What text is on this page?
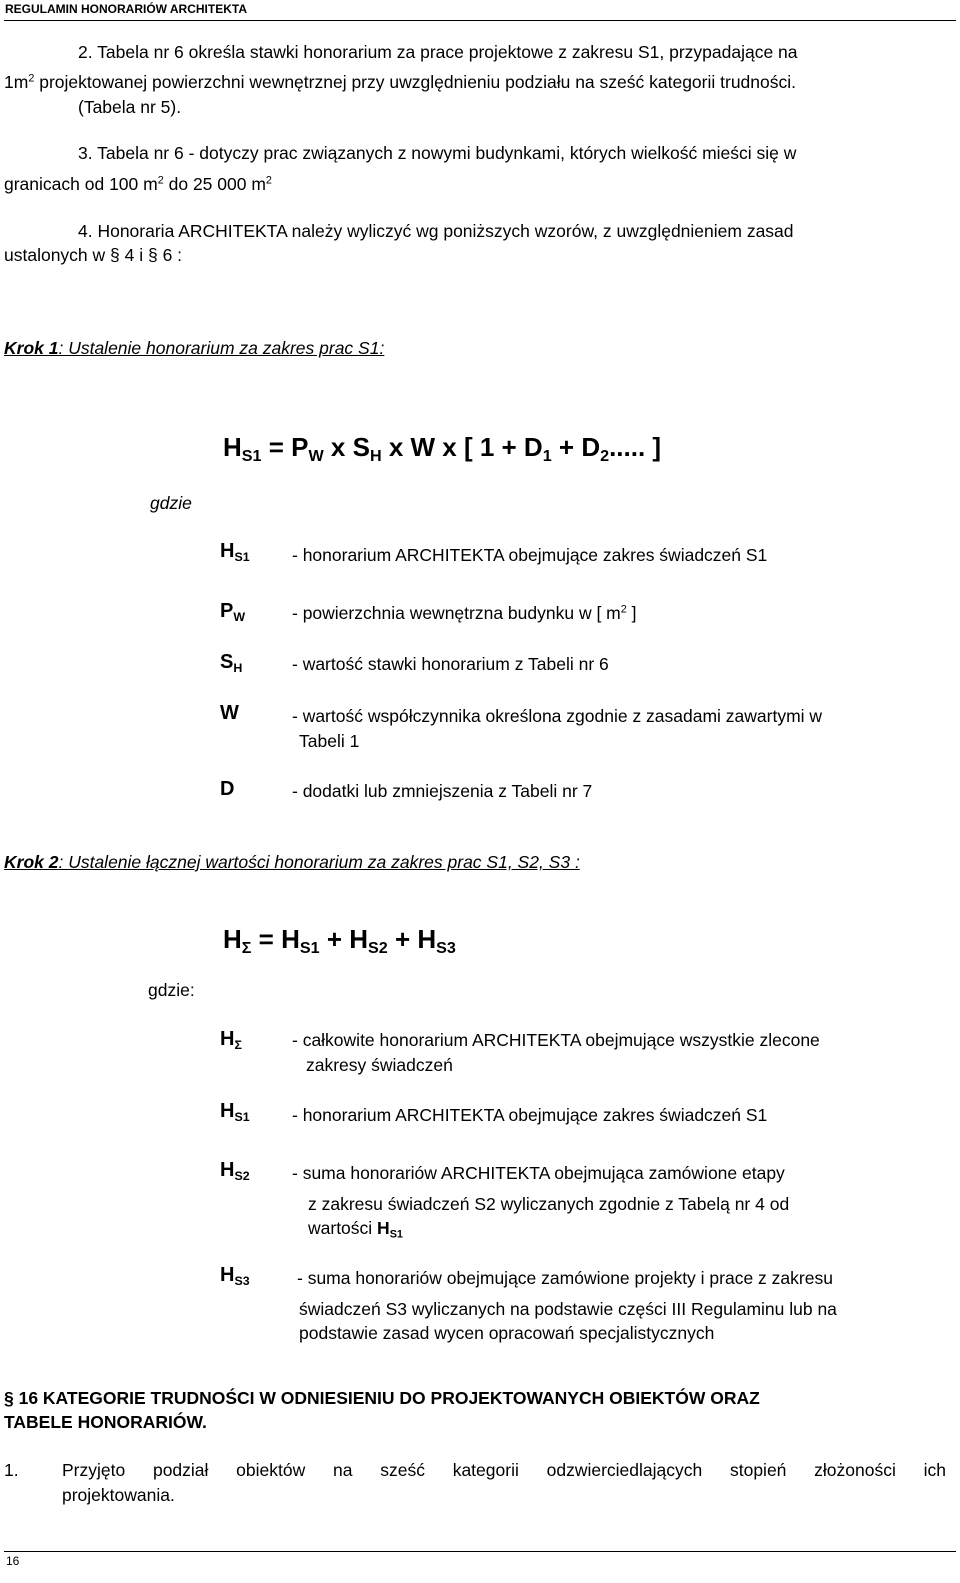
REGULAMIN HONORARIÓW ARCHITEKTA
2. Tabela nr 6 określa stawki honorarium za prace projektowe z zakresu S1, przypadające na
$1m^2$ projektowanej powierzchni wewnętrznej przy uwzględnieniu podziału na sześć kategorii trudności.
(Tabela nr 5).
3. Tabela nr 6 - dotyczy prac związanych z nowymi budynkami, których wielkość mieści się w
granicach od 100 $m^2$ do 25 000 $m^2$
4. Honoraria ARCHITEKTA należy wyliczyć wg poniższych wzorów, z uwzględnieniem zasad
ustalonych w § 4 i § 6 :
Krok 1: Ustalenie honorarium za zakres prac S1:
$H_{S1} = P_W$ x $S_H$ x W x [ $1 + D_1 + D_2$..... ]
gdzie
$H_{S1}$ - honorarium ARCHITEKTA obejmujące zakres świadczeń S1
$P_W$	- powierzchnia wewnętrzna budynku w [ $m^2$ ]
$S_H$	- wartość stawki honorarium z Tabeli nr 6
W	- wartość współczynnika określona zgodnie z zasadami zawartymi w
Tabeli 1
D	- dodatki lub zmniejszenia z Tabeli nr 7
Krok 2: Ustalenie łącznej wartości honorarium za zakres prac S1, S2, S3 :
$H_\Sigma = H_{S1} + H_{S2} + H_{S3}$
gdzie:
$H_\Sigma$	- całkowite honorarium ARCHITEKTA obejmujące wszystkie zlecone
zakresy świadczeń
$H_{S1}$ - honorarium ARCHITEKTA obejmujące zakres świadczeń S1
$H_{S2}$ - suma honorariów ARCHITEKTA obejmująca zamówione etapy
z zakresu świadczeń S2 wyliczanych zgodnie z Tabelą nr 4 od
wartości $H_{S1}$
$H_{S3}$	- suma honorariów obejmujące zamówione projekty i prace z zakresu
świadczeń S3 wyliczanych na podstawie części III Regulaminu lub na
podstawie zasad wycen opracowań specjalistycznych
§ 16 KATEGORIE TRUDNOŚCI W ODNIESIENIU DO PROJEKTOWANYCH OBIEKTÓW ORAZ
TABELE HONORARIÓW.
1. Przyjęto podział obiektów na sześć kategorii odzwierciedlających stopień złożoności ich
projektowania.
16
